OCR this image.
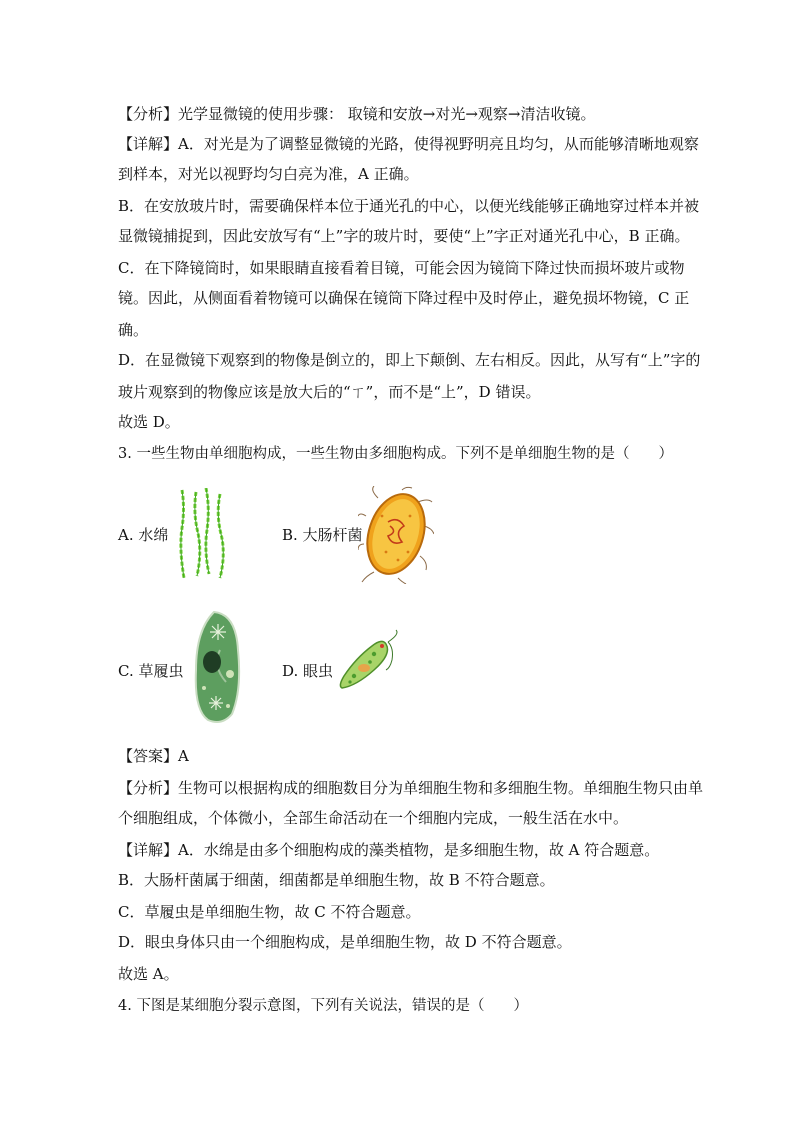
【分析】光学显微镜的使用步骤： 取镜和安放→对光→观察→清洁收镜。
【详解】A．对光是为了调整显微镜的光路，使得视野明亮且均匀，从而能够清晰地观察
到样本，对光以视野均匀白亮为准，A 正确。
B．在安放玻片时，需要确保样本位于通光孔的中心，以便光线能够正确地穿过样本并被
显微镜捕捉到，因此安放写有“上”字的玻片时，要使“上”字正对通光孔中心，B 正确。
C．在下降镜筒时，如果眼睛直接看着目镜，可能会因为镜筒下降过快而损坏玻片或物
镜。因此，从侧面看着物镜可以确保在镜筒下降过程中及时停止，避免损坏物镜，C 正
确。
D．在显微镜下观察到的物像是倒立的，即上下颠倒、左右相反。因此，从写有“上”字的
玻片观察到的物像应该是放大后的“ㄒ”，而不是“上”，D 错误。
故选 D。
3. 一些生物由单细胞构成，一些生物由多细胞构成。下列不是单细胞生物的是（　　）
A. 水绵	B. 大肠杆菌
C. 草履虫	D. 眼虫
【答案】A
【分析】生物可以根据构成的细胞数目分为单细胞生物和多细胞生物。单细胞生物只由单
个细胞组成，个体微小，全部生命活动在一个细胞内完成，一般生活在水中。
【详解】A．水绵是由多个细胞构成的藻类植物，是多细胞生物，故 A 符合题意。
B．大肠杆菌属于细菌，细菌都是单细胞生物，故 B 不符合题意。
C．草履虫是单细胞生物，故 C 不符合题意。
D．眼虫身体只由一个细胞构成，是单细胞生物，故 D 不符合题意。
故选 A。
4. 下图是某细胞分裂示意图，下列有关说法，错误的是（　　）
